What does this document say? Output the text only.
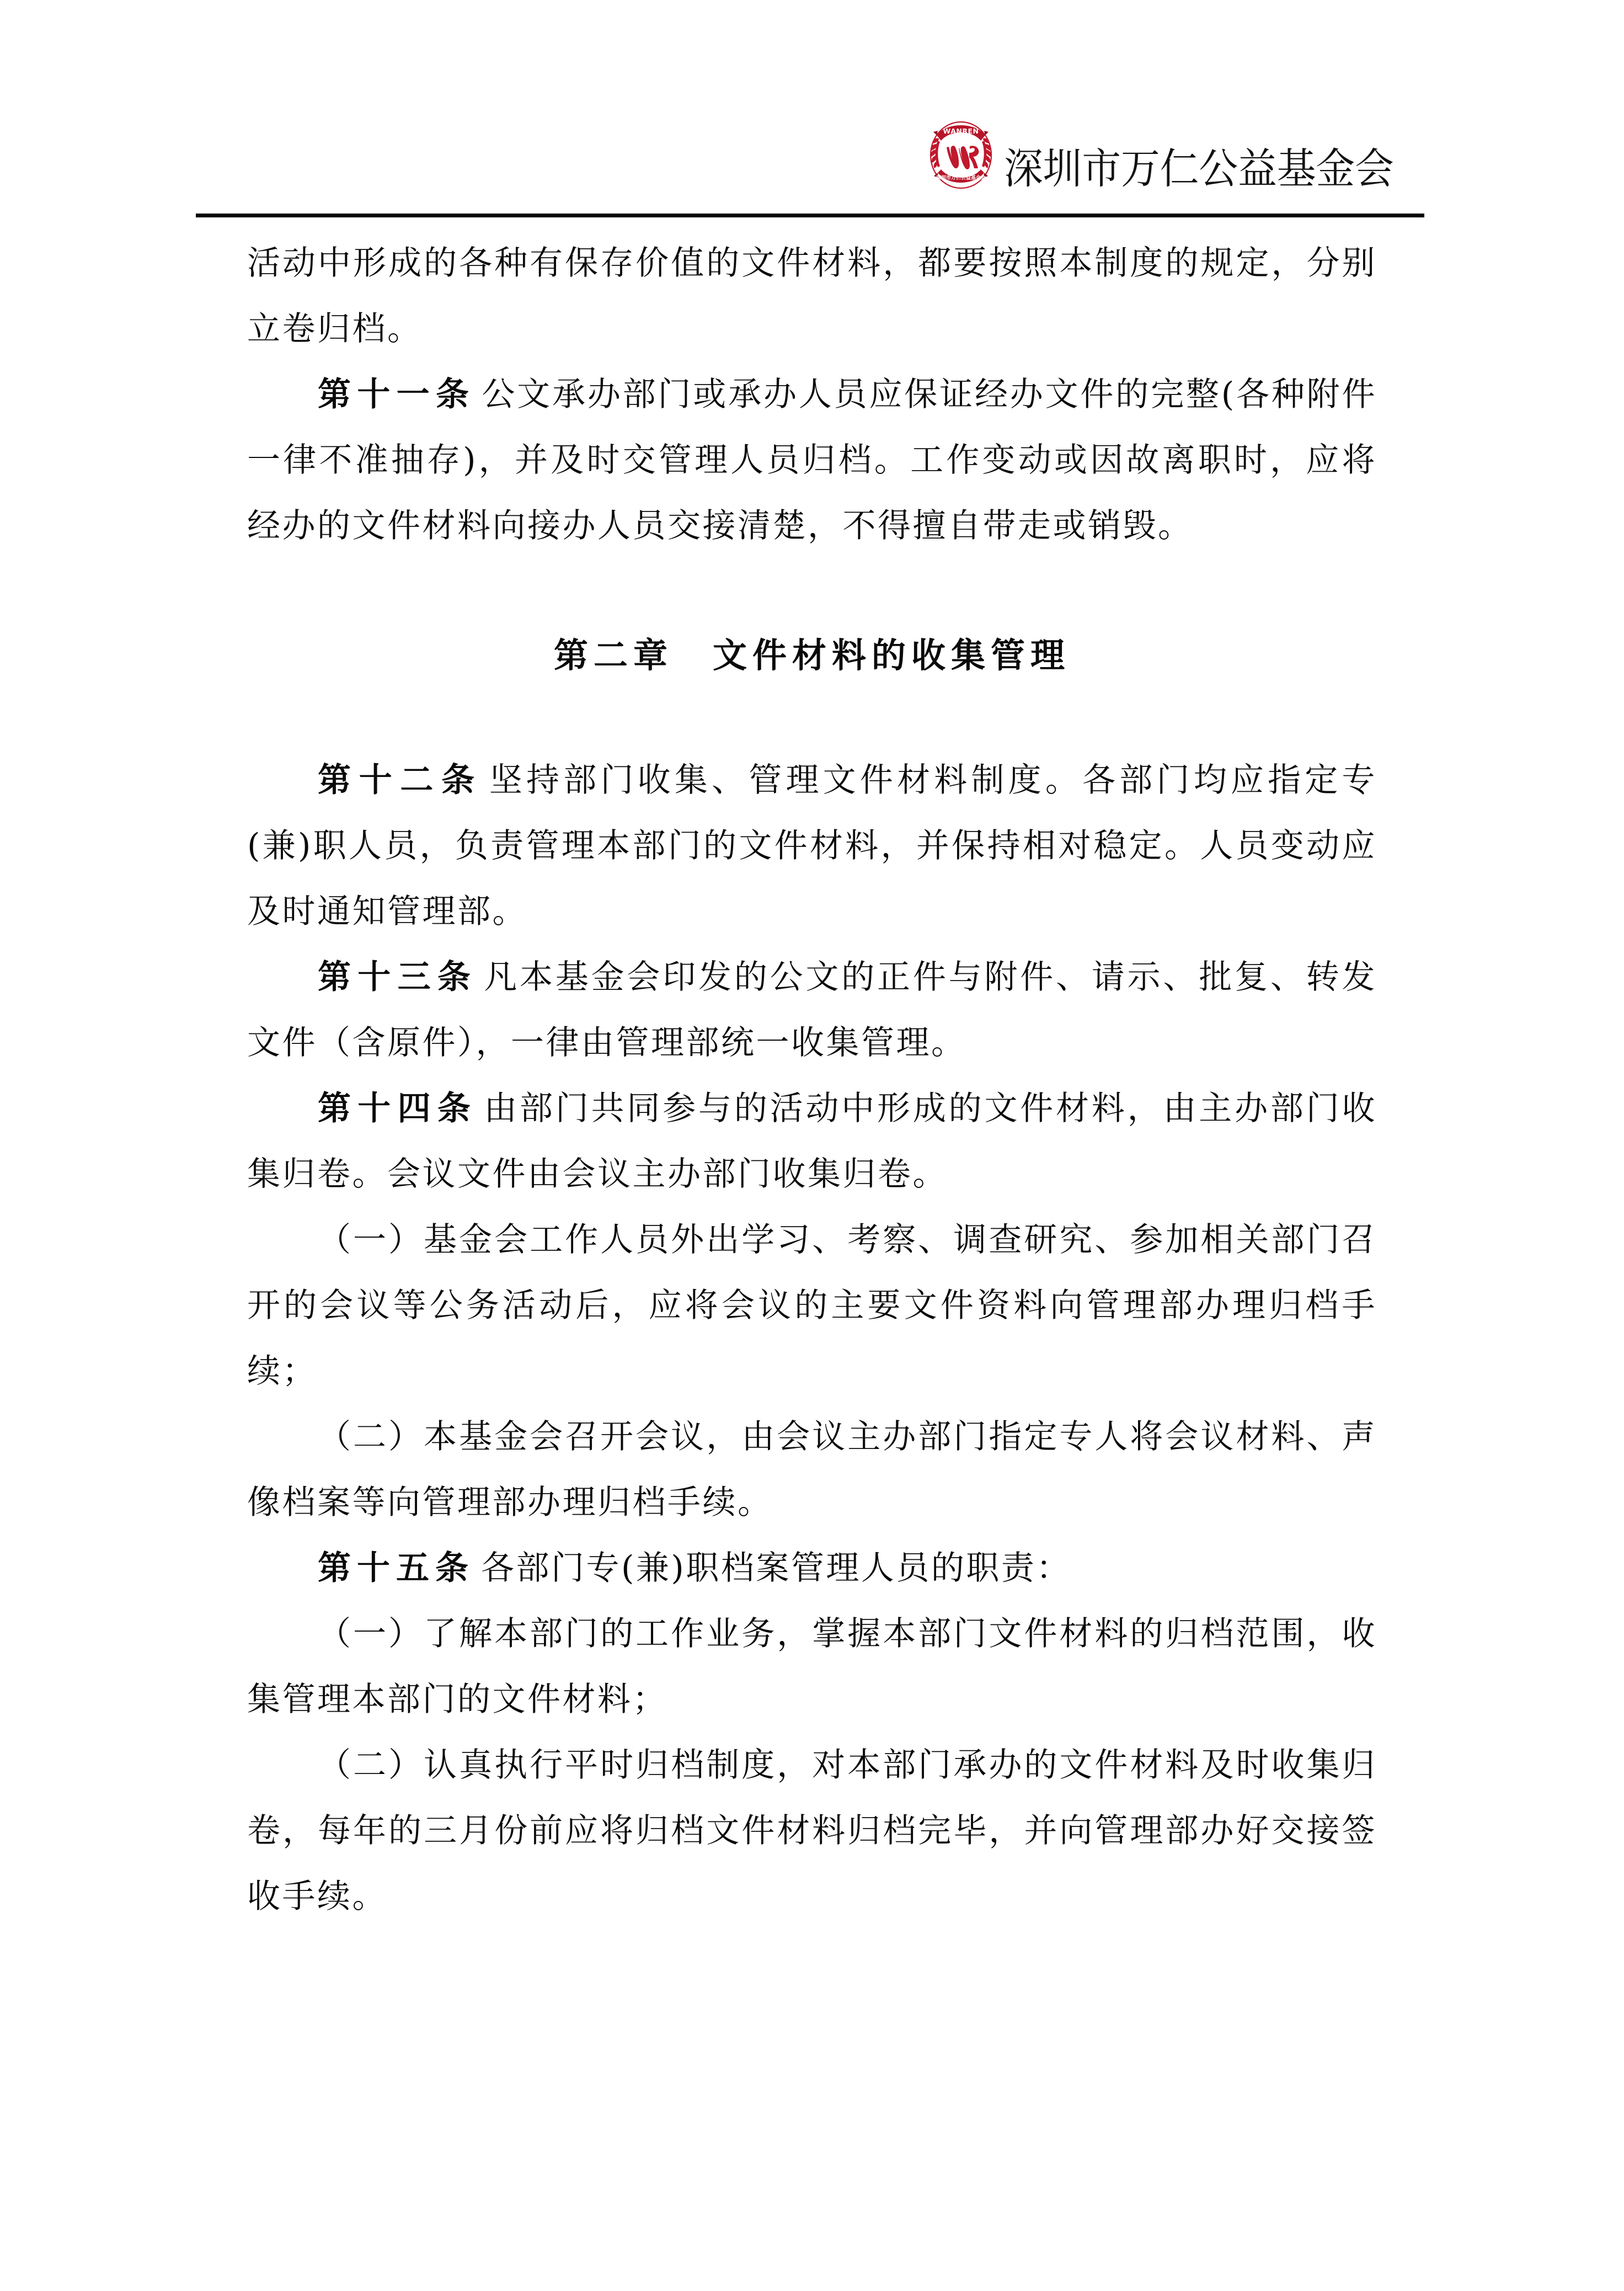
WANREN
深圳市万仁公益基金会 深圳市万仁公益基金会

活动中形成的各种有保存价值的文件材料，都要按照本制度的规定，分别立卷归档。

第十一条 公文承办部门或承办人员应保证经办文件的完整(各种附件一律不准抽存)，并及时交管理人员归档。工作变动或因故离职时，应将经办的文件材料向接办人员交接清楚，不得擅自带走或销毁。

第二章　文件材料的收集管理

第十二条 坚持部门收集、管理文件材料制度。各部门均应指定专(兼)职人员，负责管理本部门的文件材料，并保持相对稳定。人员变动应及时通知管理部。

第十三条 凡本基金会印发的公文的正件与附件、请示、批复、转发文件（含原件），一律由管理部统一收集管理。

第十四条 由部门共同参与的活动中形成的文件材料，由主办部门收集归卷。会议文件由会议主办部门收集归卷。

（一）基金会工作人员外出学习、考察、调查研究、参加相关部门召开的会议等公务活动后，应将会议的主要文件资料向管理部办理归档手续；

（二）本基金会召开会议，由会议主办部门指定专人将会议材料、声像档案等向管理部办理归档手续。

第十五条 各部门专(兼)职档案管理人员的职责：

（一）了解本部门的工作业务，掌握本部门文件材料的归档范围，收集管理本部门的文件材料；

（二）认真执行平时归档制度，对本部门承办的文件材料及时收集归卷，每年的三月份前应将归档文件材料归档完毕，并向管理部办好交接签收手续。
